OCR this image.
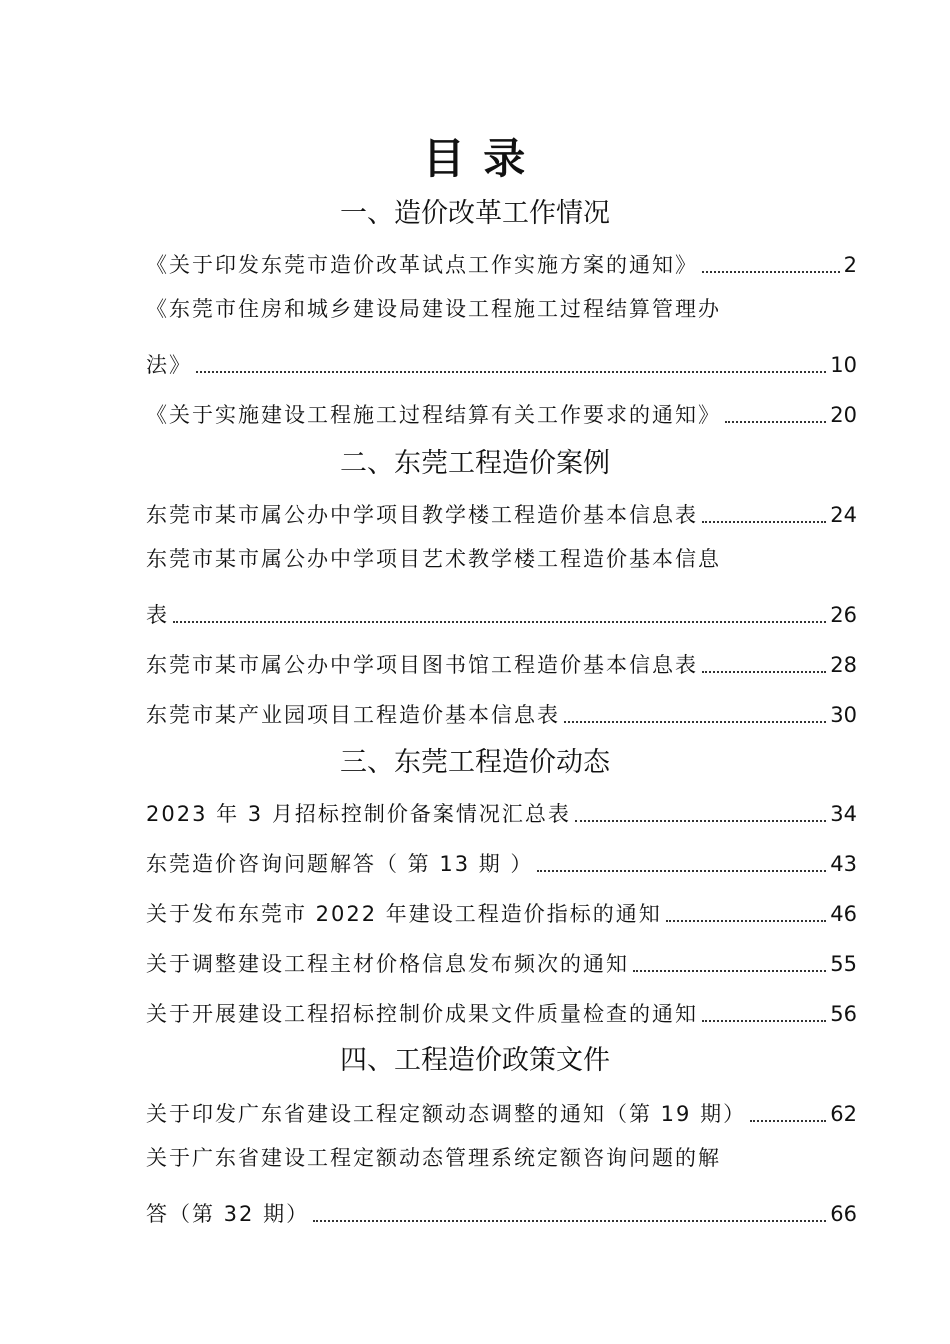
目 录
一、造价改革工作情况
《关于印发东莞市造价改革试点工作实施方案的通知》	2
《东莞市住房和城乡建设局建设工程施工过程结算管理办
法》	10
《关于实施建设工程施工过程结算有关工作要求的通知》	20
二、东莞工程造价案例
东莞市某市属公办中学项目教学楼工程造价基本信息表	24
东莞市某市属公办中学项目艺术教学楼工程造价基本信息
表	26
东莞市某市属公办中学项目图书馆工程造价基本信息表	28
东莞市某产业园项目工程造价基本信息表	30
三、东莞工程造价动态
2023 年 3 月招标控制价备案情况汇总表	34
东莞造价咨询问题解答（ 第 13 期 ）	43
关于发布东莞市 2022 年建设工程造价指标的通知	46
关于调整建设工程主材价格信息发布频次的通知	55
关于开展建设工程招标控制价成果文件质量检查的通知	56
四、工程造价政策文件
关于印发广东省建设工程定额动态调整的通知（第 19 期）	62
关于广东省建设工程定额动态管理系统定额咨询问题的解
答（第 32 期）	66
